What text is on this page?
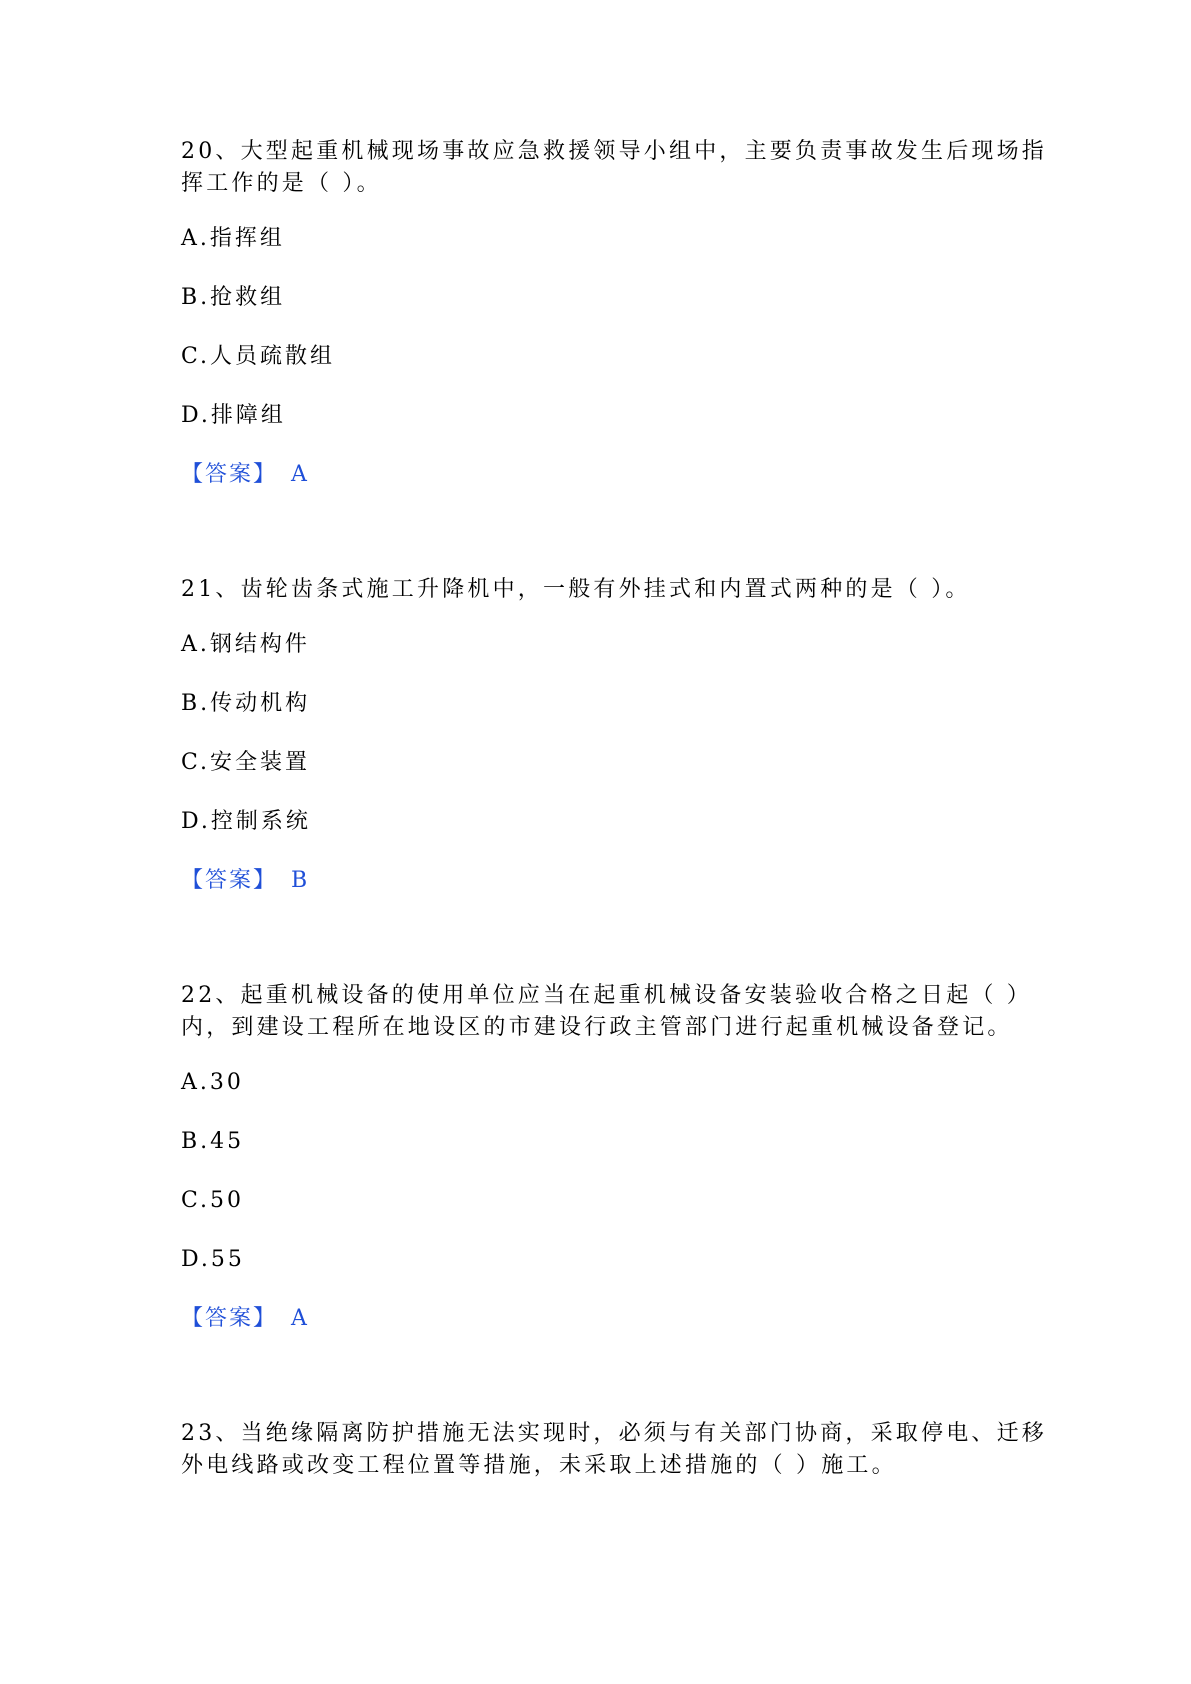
20、大型起重机械现场事故应急救援领导小组中，主要负责事故发生后现场指
挥工作的是（ ）。
A.指挥组
B.抢救组
C.人员疏散组
D.排障组
【答案】 A
21、齿轮齿条式施工升降机中，一般有外挂式和内置式两种的是（ ）。
A.钢结构件
B.传动机构
C.安全装置
D.控制系统
【答案】 B
22、起重机械设备的使用单位应当在起重机械设备安装验收合格之日起（ ）
内，到建设工程所在地设区的市建设行政主管部门进行起重机械设备登记。
A.30
B.45
C.50
D.55
【答案】 A
23、当绝缘隔离防护措施无法实现时，必须与有关部门协商，采取停电、迁移
外电线路或改变工程位置等措施，未采取上述措施的（ ）施工。
